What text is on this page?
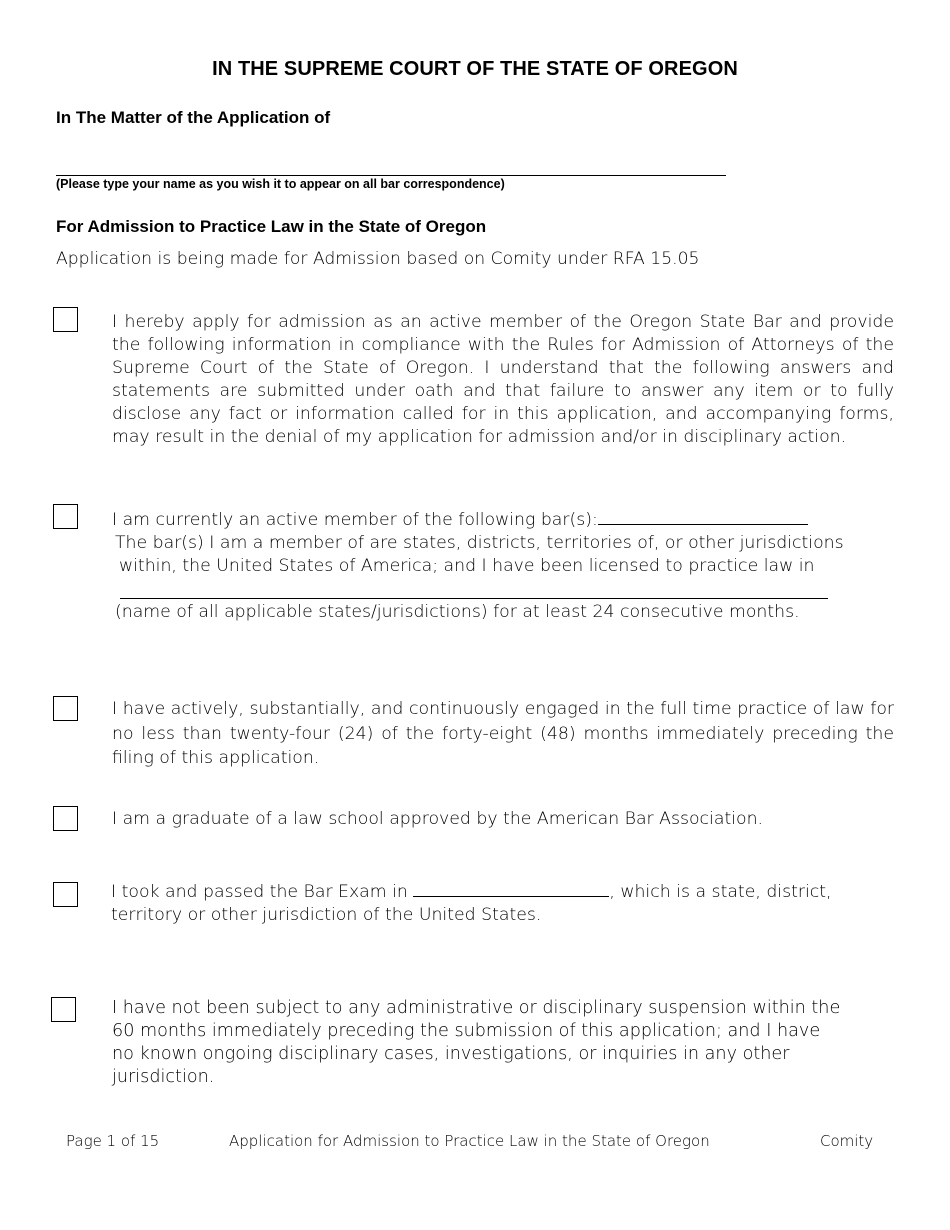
IN THE SUPREME COURT OF THE STATE OF OREGON
In The Matter of the Application of
(Please type your name as you wish it to appear on all bar correspondence)
For Admission to Practice Law in the State of Oregon
Application is being made for Admission based on Comity under RFA 15.05
I hereby apply for admission as an active member of the Oregon State Bar and provide the following information in compliance with the Rules for Admission of Attorneys of the Supreme Court of the State of Oregon. I understand that the following answers and statements are submitted under oath and that failure to answer any item or to fully disclose any fact or information called for in this application, and accompanying forms, may result in the denial of my application for admission and/or in disciplinary action.
I am currently an active member of the following bar(s):
The bar(s) I am a member of are states, districts, territories of, or other jurisdictions
within, the United States of America; and I have been licensed to practice law in
(name of all applicable states/jurisdictions) for at least 24 consecutive months.
I have actively, substantially, and continuously engaged in the full time practice of law for no less than twenty-four (24) of the forty-eight (48) months immediately preceding the filing of this application.
I am a graduate of a law school approved by the American Bar Association.
I took and passed the Bar Exam in	, which is a state, district,
territory or other jurisdiction of the United States.
I have not been subject to any administrative or disciplinary suspension within the
60 months immediately preceding the submission of this application; and I have
no known ongoing disciplinary cases, investigations, or inquiries in any other
jurisdiction.
Page 1 of 15	Application for Admission to Practice Law in the State of Oregon	Comity
